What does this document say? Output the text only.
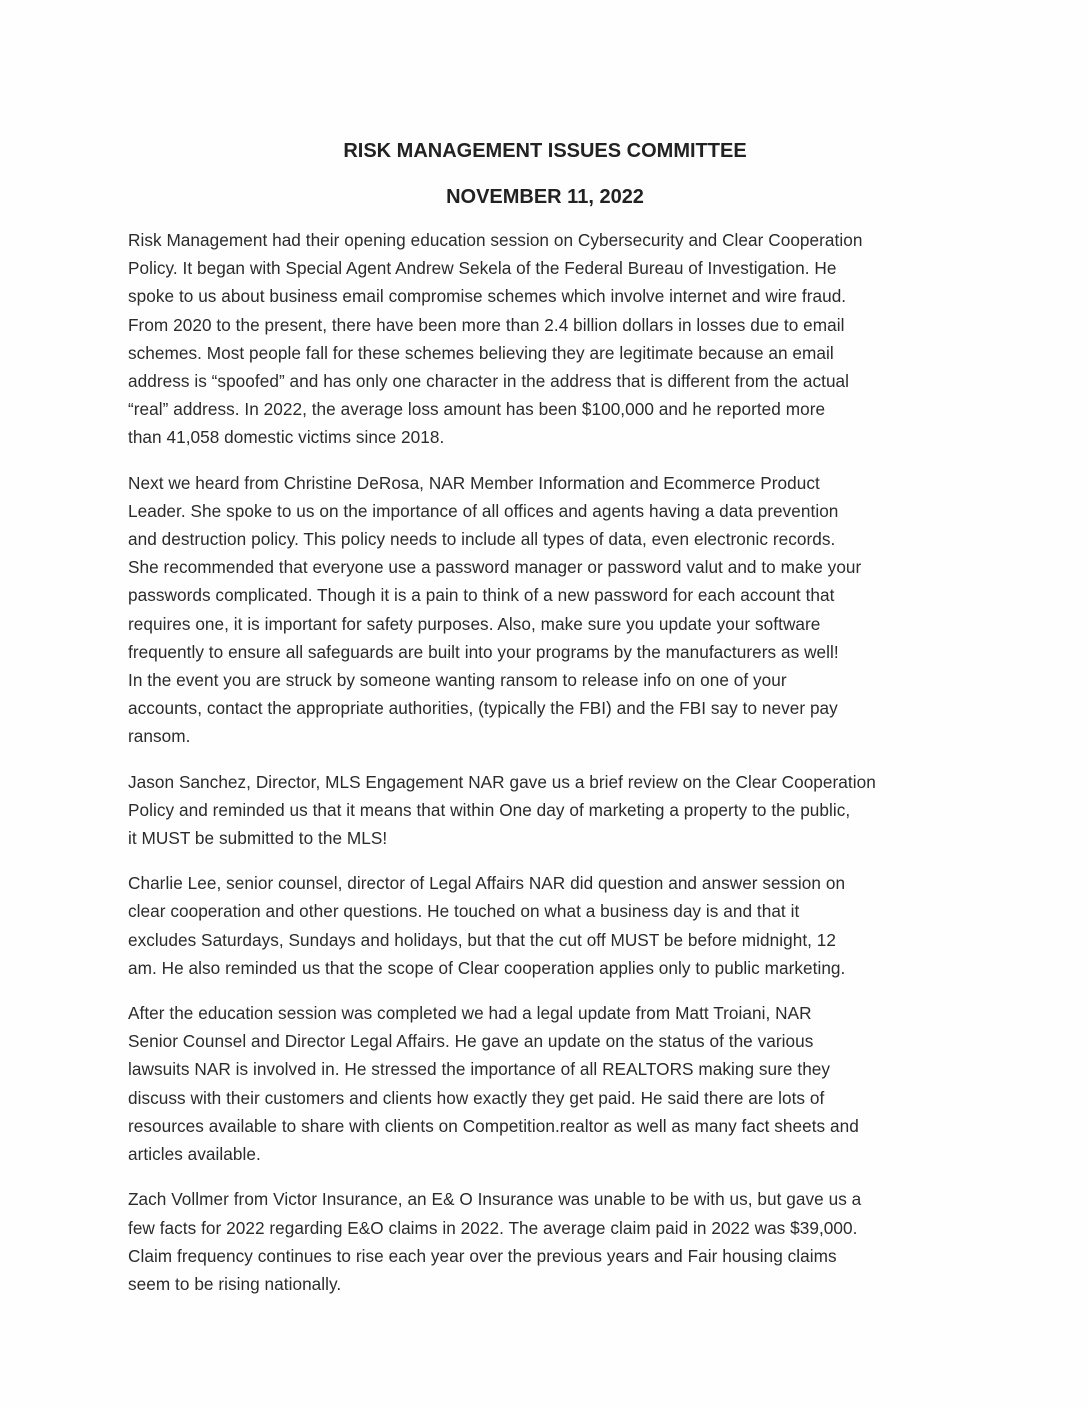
RISK MANAGEMENT ISSUES COMMITTEE
NOVEMBER 11, 2022

Risk Management had their opening education session on Cybersecurity and Clear Cooperation
Policy. It began with Special Agent Andrew Sekela of the Federal Bureau of Investigation. He
spoke to us about business email compromise schemes which involve internet and wire fraud.
From 2020 to the present, there have been more than 2.4 billion dollars in losses due to email
schemes. Most people fall for these schemes believing they are legitimate because an email
address is “spoofed” and has only one character in the address that is different from the actual
“real” address. In 2022, the average loss amount has been $100,000 and he reported more
than 41,058 domestic victims since 2018.

Next we heard from Christine DeRosa, NAR Member Information and Ecommerce Product
Leader. She spoke to us on the importance of all offices and agents having a data prevention
and destruction policy. This policy needs to include all types of data, even electronic records.
She recommended that everyone use a password manager or password valut and to make your
passwords complicated. Though it is a pain to think of a new password for each account that
requires one, it is important for safety purposes. Also, make sure you update your software
frequently to ensure all safeguards are built into your programs by the manufacturers as well!
In the event you are struck by someone wanting ransom to release info on one of your
accounts, contact the appropriate authorities, (typically the FBI) and the FBI say to never pay
ransom.

Jason Sanchez, Director, MLS Engagement NAR gave us a brief review on the Clear Cooperation
Policy and reminded us that it means that within One day of marketing a property to the public,
it MUST be submitted to the MLS!

Charlie Lee, senior counsel, director of Legal Affairs NAR did question and answer session on
clear cooperation and other questions. He touched on what a business day is and that it
excludes Saturdays, Sundays and holidays, but that the cut off MUST be before midnight, 12
am. He also reminded us that the scope of Clear cooperation applies only to public marketing.

After the education session was completed we had a legal update from Matt Troiani, NAR
Senior Counsel and Director Legal Affairs. He gave an update on the status of the various
lawsuits NAR is involved in. He stressed the importance of all REALTORS making sure they
discuss with their customers and clients how exactly they get paid. He said there are lots of
resources available to share with clients on Competition.realtor as well as many fact sheets and
articles available.

Zach Vollmer from Victor Insurance, an E& O Insurance was unable to be with us, but gave us a
few facts for 2022 regarding E&O claims in 2022. The average claim paid in 2022 was $39,000.
Claim frequency continues to rise each year over the previous years and Fair housing claims
seem to be rising nationally.
